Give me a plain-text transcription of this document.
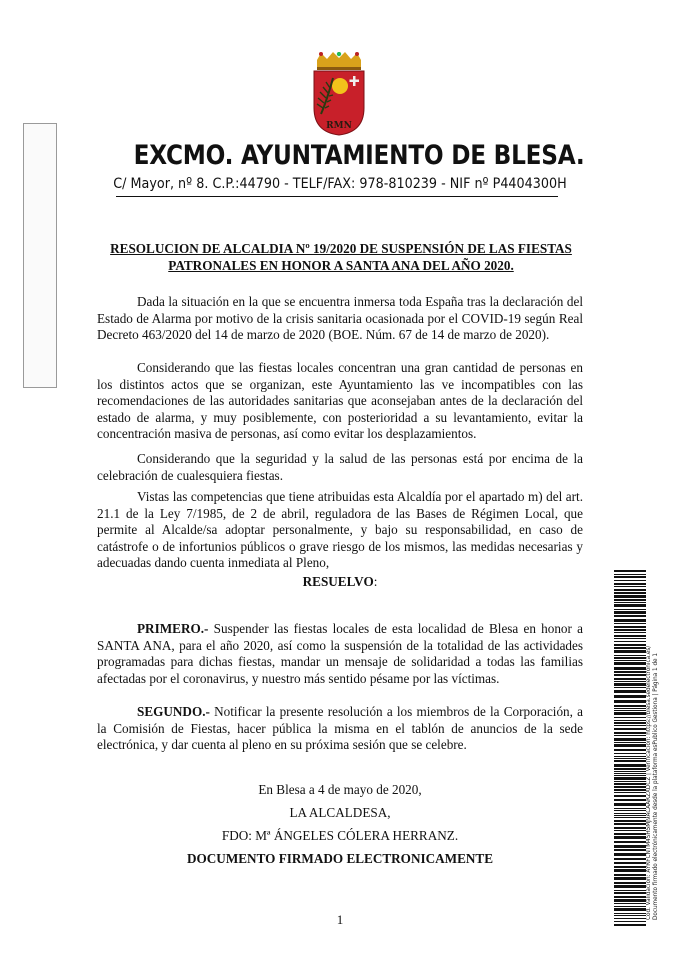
RMN
EXCMO. AYUNTAMIENTO DE BLESA.
C/ Mayor, nº 8. C.P.:44790 - TELF/FAX: 978-810239 - NIF nº P4404300H
RESOLUCION DE ALCALDIA Nº 19/2020 DE SUSPENSIÓN DE LAS FIESTAS
PATRONALES EN HONOR A SANTA ANA DEL AÑO 2020.

Dada la situación en la que se encuentra inmersa toda España tras la declaración del Estado de Alarma por motivo de la crisis sanitaria ocasionada por el COVID-19 según Real Decreto 463/2020 del 14 de marzo de 2020 (BOE. Núm. 67 de 14 de marzo de 2020).

Considerando que las fiestas locales concentran una gran cantidad de personas en los distintos actos que se organizan, este Ayuntamiento las ve incompatibles con las recomendaciones de las autoridades sanitarias que aconsejaban antes de la declaración del estado de alarma, y muy posiblemente, con posterioridad a su levantamiento, evitar la concentración masiva de personas, así como evitar los desplazamientos.

Considerando que la seguridad y la salud de las personas está por encima de la celebración de cualesquiera fiestas.

Vistas las competencias que tiene atribuidas esta Alcaldía por el apartado m) del art. 21.1 de la Ley 7/1985, de 2 de abril, reguladora de las Bases de Régimen Local, que permite al Alcalde/sa adoptar personalmente, y bajo su responsabilidad, en caso de catástrofe o de infortunios públicos o grave riesgo de los mismos, las medidas necesarias y adecuadas dando cuenta inmediata al Pleno,

RESUELVO:

PRIMERO.- Suspender las fiestas locales de esta localidad de Blesa en honor a SANTA ANA, para el año 2020, así como la suspensión de la totalidad de las actividades programadas para dichas fiestas, mandar un mensaje de solidaridad a todas las familias afectadas por el coronavirus, y nuestro más sentido pésame por las víctimas.

SEGUNDO.- Notificar la presente resolución a los miembros de la Corporación, a la Comisión de Fiestas, hacer pública la misma en el tablón de anuncios de la sede electrónica, y dar cuenta al pleno en su próxima sesión que se celebre.

En Blesa a 4 de mayo de 2020,
LA ALCALDESA,
FDO: Mª ÁNGELES CÓLERA HERRANZ.
DOCUMENTO FIRMADO ELECTRONICAMENTE
1	Cód. Validación: AYRFCNTM4SH5MJ9ACAARZXDCZ | Verificación: https://blesa.sedelectronica.es/ Documento firmado electrónicamente desde la plataforma esPublico Gestiona | Página 1 de 1
